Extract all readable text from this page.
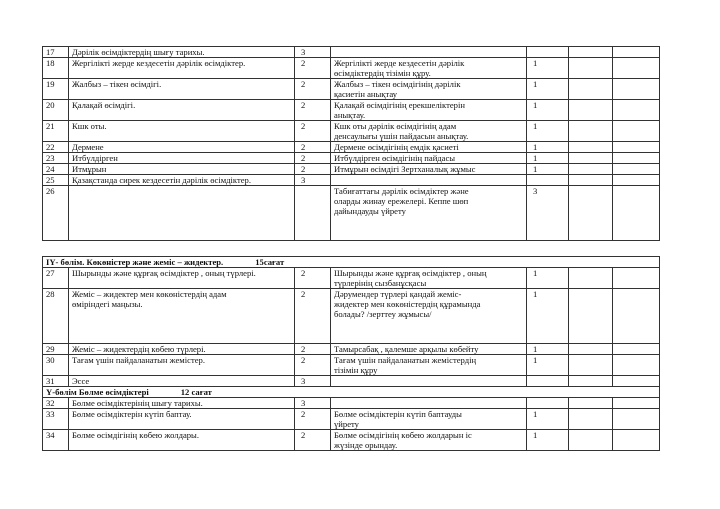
17	Дәрілік өсімдіктердің шығу тарихы.	3				
18	Жергілікті жерде кездесетін дәрілік өсімдіктер.	2	Жергілікті жерде кездесетін дәрілік
өсімдіктердің тізімін құру.	1		
19	Жалбыз – тікен өсімдігі.	2	Жалбыз – тікен өсімдігінің дәрілік
қасиетін анықтау	1		
20	Қалақай өсімдігі.	2	Қалақай өсімдігінің ерекшеліктерін
анықтау.	1		
21	Кшк оты.	2	Кшк оты дәрілік өсімдігінің адам
денсаулығы үшін пайдасын анықтау.	1		
22	Дермене	2	Дермене өсімдігінің емдік қасиеті	1		
23	Итбүлдірген	2	Итбүлдірген өсімдігінің пайдасы	1		
24	Итмұрын	2	Итмұрын өсімдігі Зертханалық жұмыс	1		
25	Қазақстанда сирек кездесетін дәрілік өсімдіктер.	3				
26			Табиғаттағы дәрілік өсімдіктер және
оларды жинау ережелері. Кеппе шөп
дайындауды үйрету	3		

ІҮ- бөлім. Көкөністер және жеміс – жидектер. 15сағат						
27	Шырынды және құрғақ өсімдіктер , оның түрлері.	2	Шырынды және құрғақ өсімдіктер , оның
түрлерінің сызбанұсқасы	1		
28	Жеміс – жидектер мен көкөністердің адам
өміріндегі маңызы.	2	Дәрумендер түрлері қандай жеміс-
жидектер мен көкөністердің құрамында
болады? /зерттеу жұмысы/	1		
29	Жеміс – жидектердің көбею түрлері.	2	Тамырсабақ , қалемше арқылы көбейту	1		
30	Тағам үшін пайдаланатын жемістер.	2	Тағам үшін пайдаланатын жемістердің
тізімін құру	1		
31	Эссе	3				
Ү-бөлім Бөлме өсімдіктері 12 сағат						
32	Бөлме өсімдіктерінің шығу тарихы.	3				
33	Бөлме өсімдіктерін күтіп баптау.	2	Бөлме өсімдіктерін күтіп баптауды
үйрету	1		
34	Бөлме өсімдігінің көбею жолдары.	2	Бөлме өсімдігінің көбею жолдарын іс
жүзінде орындау.	1		
